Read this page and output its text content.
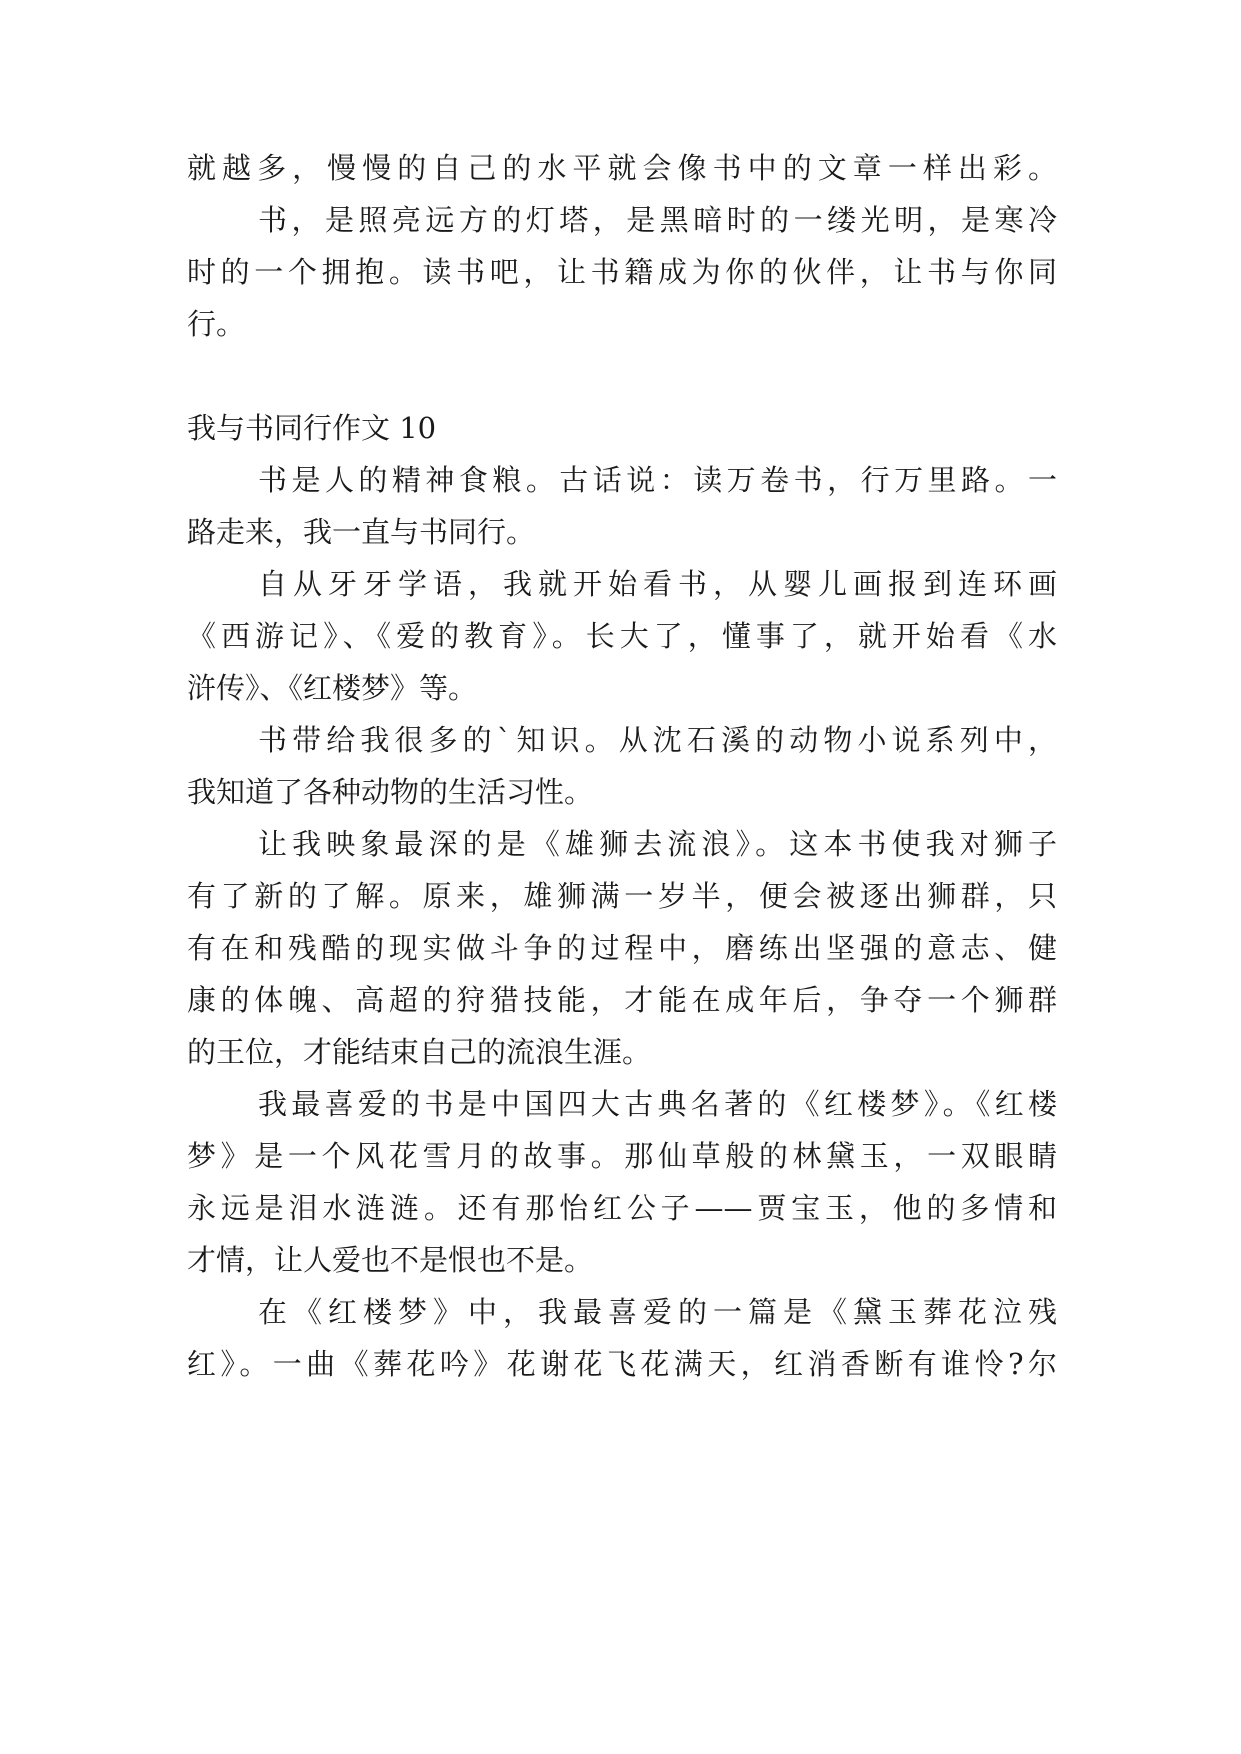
就越多，慢慢的自己的水平就会像书中的文章一样出彩。

书，是照亮远方的灯塔，是黑暗时的一缕光明，是寒冷

时的一个拥抱。读书吧，让书籍成为你的伙伴，让书与你同

行。

我与书同行作文 10

书是人的精神食粮。古话说：读万卷书，行万里路。一

路走来，我一直与书同行。

自从牙牙学语，我就开始看书，从婴儿画报到连环画

《西游记》、《爱的教育》。长大了，懂事了，就开始看《水

浒传》、《红楼梦》等。

书带给我很多的`知识。从沈石溪的动物小说系列中，

我知道了各种动物的生活习性。

让我映象最深的是《雄狮去流浪》。这本书使我对狮子

有了新的了解。原来，雄狮满一岁半，便会被逐出狮群，只

有在和残酷的现实做斗争的过程中，磨练出坚强的意志、健

康的体魄、高超的狩猎技能，才能在成年后，争夺一个狮群

的王位，才能结束自己的流浪生涯。

我最喜爱的书是中国四大古典名著的《红楼梦》。《红楼

梦》是一个风花雪月的故事。那仙草般的林黛玉，一双眼睛

永远是泪水涟涟。还有那怡红公子——贾宝玉，他的多情和

才情，让人爱也不是恨也不是。

在《红楼梦》中，我最喜爱的一篇是《黛玉葬花泣残

红》。一曲《葬花吟》花谢花飞花满天，红消香断有谁怜?尔
